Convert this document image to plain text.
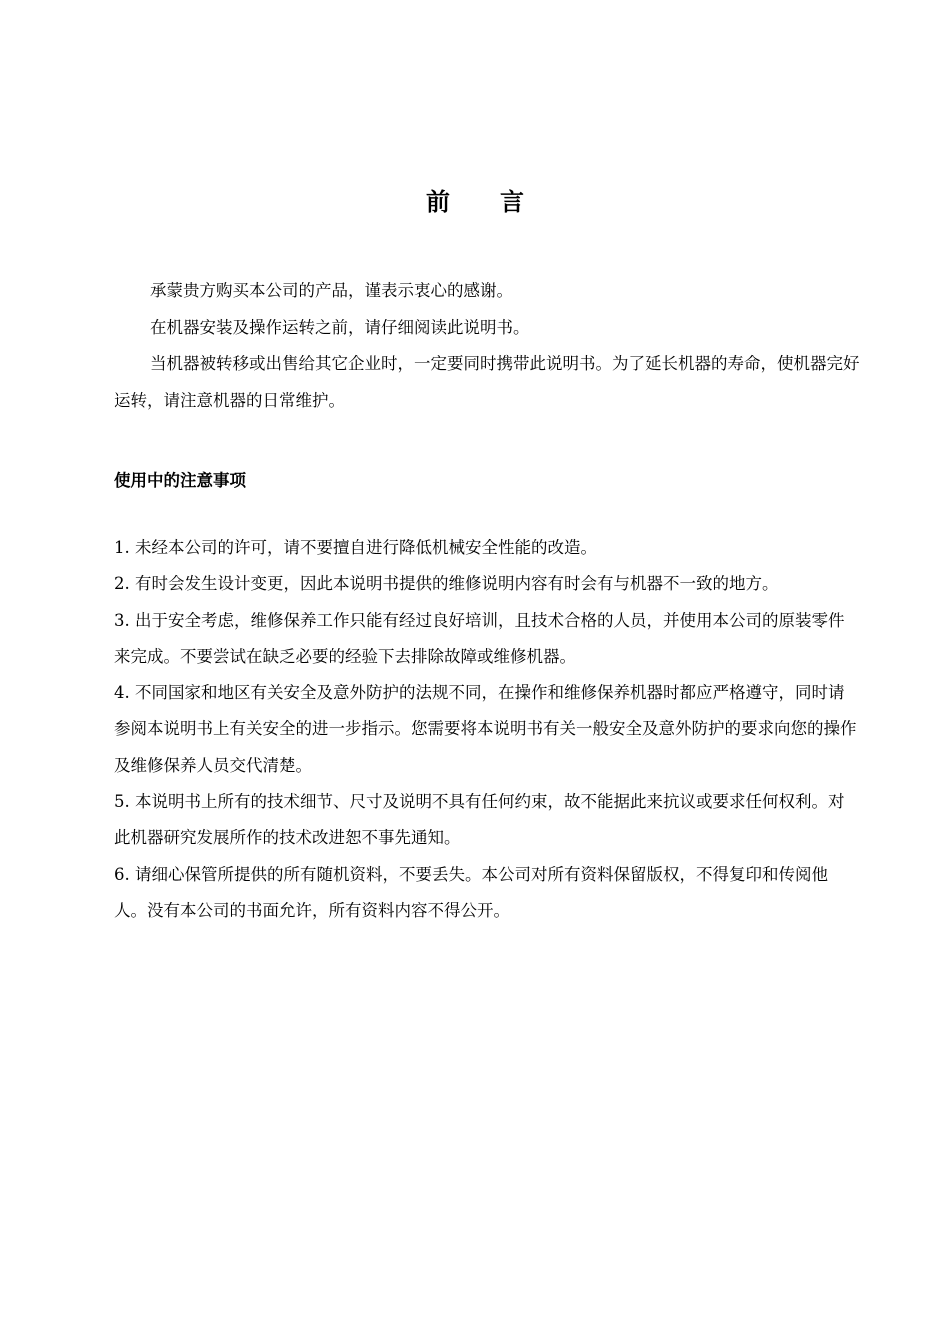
前言

承蒙贵方购买本公司的产品，谨表示衷心的感谢。

在机器安装及操作运转之前，请仔细阅读此说明书。

当机器被转移或出售给其它企业时，一定要同时携带此说明书。为了延长机器的寿命，使机器完好运转，请注意机器的日常维护。

使用中的注意事项

1. 未经本公司的许可，请不要擅自进行降低机械安全性能的改造。

2. 有时会发生设计变更，因此本说明书提供的维修说明内容有时会有与机器不一致的地方。

3. 出于安全考虑，维修保养工作只能有经过良好培训，且技术合格的人员，并使用本公司的原装零件来完成。不要尝试在缺乏必要的经验下去排除故障或维修机器。

4. 不同国家和地区有关安全及意外防护的法规不同，在操作和维修保养机器时都应严格遵守，同时请参阅本说明书上有关安全的进一步指示。您需要将本说明书有关一般安全及意外防护的要求向您的操作及维修保养人员交代清楚。

5. 本说明书上所有的技术细节、尺寸及说明不具有任何约束，故不能据此来抗议或要求任何权利。对此机器研究发展所作的技术改进恕不事先通知。

6. 请细心保管所提供的所有随机资料，不要丢失。本公司对所有资料保留版权，不得复印和传阅他人。没有本公司的书面允许，所有资料内容不得公开。
